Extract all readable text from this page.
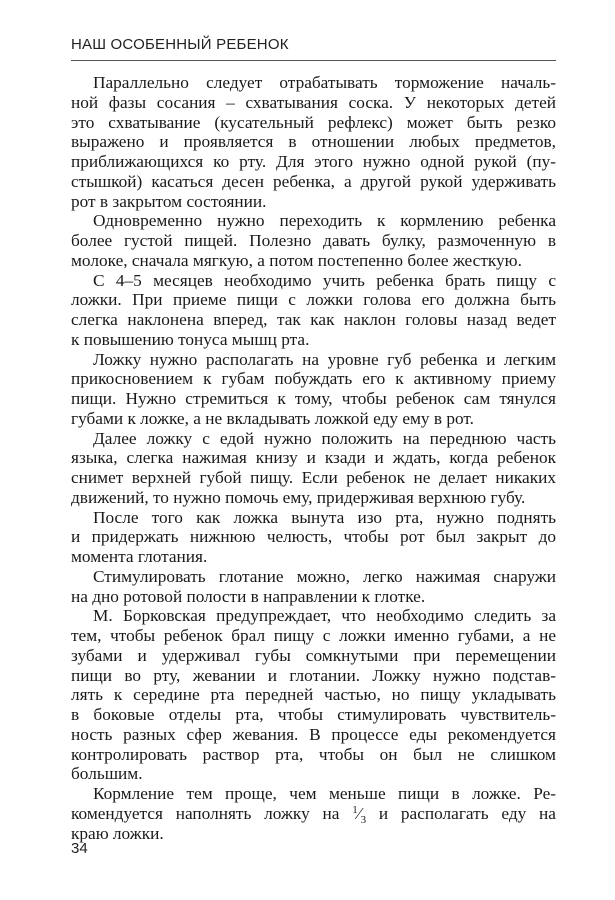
НАШ ОСОБЕННЫЙ РЕБЕНОК
Параллельно следует отрабатывать торможение началь-
ной фазы сосания – схватывания соска. У некоторых детей
это схватывание (кусательный рефлекс) может быть резко
выражено и проявляется в отношении любых предметов,
приближающихся ко рту. Для этого нужно одной рукой (пу-
стышкой) касаться десен ребенка, а другой рукой удерживать
рот в закрытом состоянии.
Одновременно нужно переходить к кормлению ребенка
более густой пищей. Полезно давать булку, размоченную в
молоке, сначала мягкую, а потом постепенно более жесткую.
С 4–5 месяцев необходимо учить ребенка брать пищу с
ложки. При приеме пищи с ложки голова его должна быть
слегка наклонена вперед, так как наклон головы назад ведет
к повышению тонуса мышц рта.
Ложку нужно располагать на уровне губ ребенка и легким
прикосновением к губам побуждать его к активному приему
пищи. Нужно стремиться к тому, чтобы ребенок сам тянулся
губами к ложке, а не вкладывать ложкой еду ему в рот.
Далее ложку с едой нужно положить на переднюю часть
языка, слегка нажимая книзу и кзади и ждать, когда ребенок
снимет верхней губой пищу. Если ребенок не делает никаких
движений, то нужно помочь ему, придерживая верхнюю губу.
После того как ложка вынута изо рта, нужно поднять
и придержать нижнюю челюсть, чтобы рот был закрыт до
момента глотания.
Стимулировать глотание можно, легко нажимая снаружи
на дно ротовой полости в направлении к глотке.
М. Борковская предупреждает, что необходимо следить за
тем, чтобы ребенок брал пищу с ложки именно губами, а не
зубами и удерживал губы сомкнутыми при перемещении
пищи во рту, жевании и глотании. Ложку нужно подстав-
лять к середине рта передней частью, но пищу укладывать
в боковые отделы рта, чтобы стимулировать чувствитель-
ность разных сфер жевания. В процессе еды рекомендуется
контролировать раствор рта, чтобы он был не слишком
большим.
Кормление тем проще, чем меньше пищи в ложке. Ре-
комендуется наполнять ложку на 1⁄3 и располагать еду на
краю ложки.
34
